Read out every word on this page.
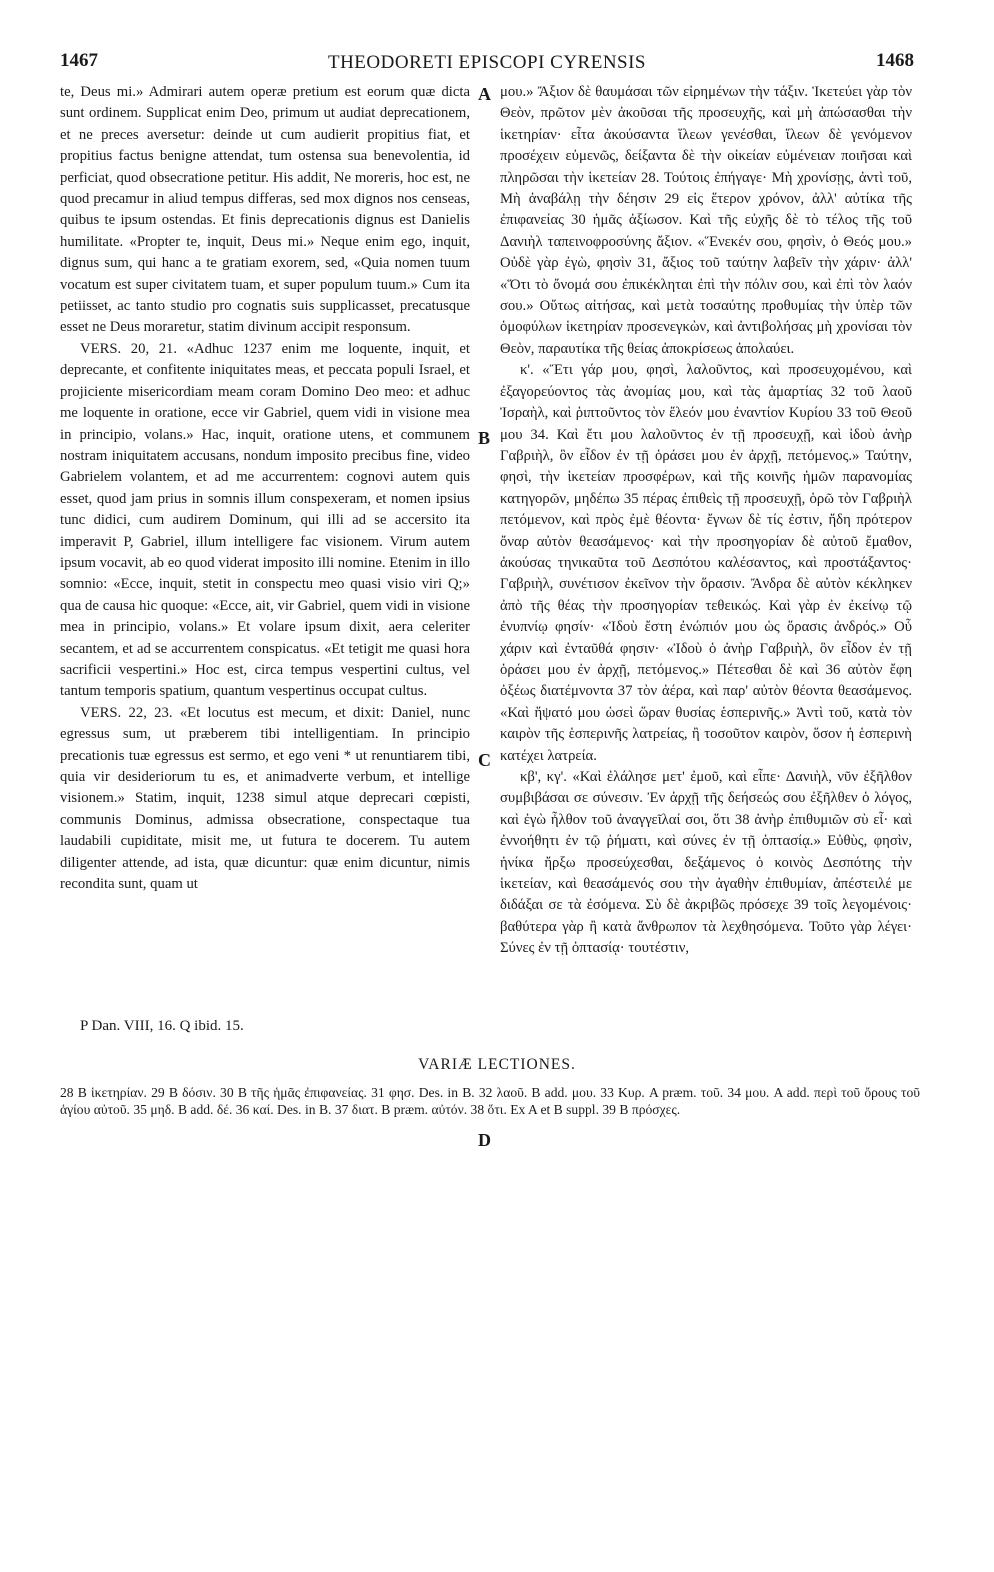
1467	THEODORETI EPISCOPI CYRENSIS	1468

te, Deus mi.» Admirari autem operæ pretium est eorum quæ dicta sunt ordinem. Supplicat enim Deo, primum ut audiat deprecationem, et ne preces aversetur: deinde ut cum audierit propitius fiat, et propitius factus benigne attendat, tum ostensa sua benevolentia, id perficiat, quod obsecratione petitur. His addit, Ne moreris, hoc est, ne quod precamur in aliud tempus differas, sed mox dignos nos censeas, quibus te ipsum ostendas. Et finis deprecationis dignus est Danielis humilitate. «Propter te, inquit, Deus mi.» Neque enim ego, inquit, dignus sum, qui hanc a te gratiam exorem, sed, «Quia nomen tuum vocatum est super civitatem tuam, et super populum tuum.» Cum ita petiisset, ac tanto studio pro cognatis suis supplicasset, precatusque esset ne Deus moraretur, statim divinum accipit responsum.

VERS. 20, 21. «Adhuc 1237 enim me loquente, inquit, et deprecante, et confitente iniquitates meas, et peccata populi Israel, et projiciente misericordiam meam coram Domino Deo meo: et adhuc me loquente in oratione, ecce vir Gabriel, quem vidi in visione mea in principio, volans.» Hac, inquit, oratione utens, et communem nostram iniquitatem accusans, nondum imposito precibus fine, video Gabrielem volantem, et ad me accurrentem: cognovi autem quis esset, quod jam prius in somnis illum conspexeram, et nomen ipsius tunc didici, cum audirem Dominum, qui illi ad se accersito ita imperavit P, Gabriel, illum intelligere fac visionem. Virum autem ipsum vocavit, ab eo quod viderat imposito illi nomine. Etenim in illo somnio: «Ecce, inquit, stetit in conspectu meo quasi visio viri Q;» qua de causa hic quoque: «Ecce, ait, vir Gabriel, quem vidi in visione mea in principio, volans.» Et volare ipsum dixit, aera celeriter secantem, et ad se accurrentem conspicatus. «Et tetigit me quasi hora sacrificii vespertini.» Hoc est, circa tempus vespertini cultus, vel tantum temporis spatium, quantum vespertinus occupat cultus.

VERS. 22, 23. «Et locutus est mecum, et dixit: Daniel, nunc egressus sum, ut præberem tibi intelligentiam. In principio precationis tuæ egressus est sermo, et ego veni * ut renuntiarem tibi, quia vir desideriorum tu es, et animadverte verbum, et intellige visionem.» Statim, inquit, 1238 simul atque deprecari cœpisti, communis Dominus, admissa obsecratione, conspectaque tua laudabili cupiditate, misit me, ut futura te docerem. Tu autem diligenter attende, ad ista, quæ dicuntur: quæ enim dicuntur, nimis recondita sunt, quam ut

μου.» Ἄξιον δὲ θαυμάσαι τῶν εἰρημένων τὴν τάξιν. Ἱκετεύει γὰρ τὸν Θεὸν, πρῶτον μὲν ἀκοῦσαι τῆς προσευχῆς, καὶ μὴ ἀπώσασθαι τὴν ἱκετηρίαν· εἶτα ἀκούσαντα ἵλεων γενέσθαι, ἵλεων δὲ γενόμενον προσέχειν εὐμενῶς, δείξαντα δὲ τὴν οἰκείαν εὐμένειαν ποιῆσαι καὶ πληρῶσαι τὴν ἱκετείαν 28. Τούτοις ἐπήγαγε· Μὴ χρονίσῃς, ἀντὶ τοῦ, Μὴ ἀναβάλῃ τὴν δέησιν 29 εἰς ἕτερον χρόνον, ἀλλ' αὐτίκα τῆς ἐπιφανείας 30 ἡμᾶς ἀξίωσον. Καὶ τῆς εὐχῆς δὲ τὸ τέλος τῆς τοῦ Δανιὴλ ταπεινοφροσύνης ἄξιον. «Ἕνεκέν σου, φησὶν, ὁ Θεός μου.» Οὐδὲ γὰρ ἐγὼ, φησὶν 31, ἄξιος τοῦ ταύτην λαβεῖν τὴν χάριν· ἀλλ' «Ὅτι τὸ ὄνομά σου ἐπικέκληται ἐπὶ τὴν πόλιν σου, καὶ ἐπὶ τὸν λαόν σου.» Οὕτως αἰτήσας, καὶ μετὰ τοσαύτης προθυμίας τὴν ὑπὲρ τῶν ὁμοφύλων ἱκετηρίαν προσενεγκὼν, καὶ ἀντιβολήσας μὴ χρονίσαι τὸν Θεὸν, παραυτίκα τῆς θείας ἀποκρίσεως ἀπολαύει.

κ'. «Ἔτι γάρ μου, φησὶ, λαλοῦντος, καὶ προσευχομένου, καὶ ἐξαγορεύοντος τὰς ἀνομίας μου, καὶ τὰς ἁμαρτίας 32 τοῦ λαοῦ Ἰσραὴλ, καὶ ῥιπτοῦντος τὸν ἔλεόν μου ἐναντίον Κυρίου 33 τοῦ Θεοῦ μου 34. Καὶ ἔτι μου λαλοῦντος ἐν τῇ προσευχῇ, καὶ ἰδοὺ ἀνὴρ Γαβριὴλ, ὃν εἶδον ἐν τῇ ὁράσει μου ἐν ἀρχῇ, πετόμενος.» Ταύτην, φησὶ, τὴν ἱκετείαν προσφέρων, καὶ τῆς κοινῆς ἡμῶν παρανομίας κατηγορῶν, μηδέπω 35 πέρας ἐπιθεὶς τῇ προσευχῇ, ὁρῶ τὸν Γαβριὴλ πετόμενον, καὶ πρὸς ἐμὲ θέοντα· ἔγνων δὲ τίς ἐστιν, ἤδη πρότερον ὄναρ αὐτὸν θεασάμενος· καὶ τὴν προσηγορίαν δὲ αὐτοῦ ἔμαθον, ἀκούσας τηνικαῦτα τοῦ Δεσπότου καλέσαντος, καὶ προστάξαντος· Γαβριὴλ, συνέτισον ἐκεῖνον τὴν ὅρασιν. Ἄνδρα δὲ αὐτὸν κέκληκεν ἀπὸ τῆς θέας τὴν προσηγορίαν τεθεικώς. Καὶ γὰρ ἐν ἐκείνῳ τῷ ἐνυπνίῳ φησίν· «Ἰδοὺ ἔστη ἐνώπιόν μου ὡς ὅρασις ἀνδρός.» Οὗ χάριν καὶ ἐνταῦθά φησιν· «Ἰδοὺ ὁ ἀνὴρ Γαβριὴλ, ὃν εἶδον ἐν τῇ ὁράσει μου ἐν ἀρχῇ, πετόμενος.» Πέτεσθαι δὲ καὶ 36 αὐτὸν ἔφη ὀξέως διατέμνοντα 37 τὸν ἀέρα, καὶ παρ' αὐτὸν θέοντα θεασάμενος. «Καὶ ἥψατό μου ὡσεὶ ὥραν θυσίας ἑσπερινῆς.» Ἀντὶ τοῦ, κατὰ τὸν καιρὸν τῆς ἑσπερινῆς λατρείας, ἢ τοσοῦτον καιρὸν, ὅσον ἡ ἑσπερινὴ κατέχει λατρεία.

κβ', κγ'. «Καὶ ἐλάλησε μετ' ἐμοῦ, καὶ εἶπε· Δανιὴλ, νῦν ἐξῆλθον συμβιβάσαι σε σύνεσιν. Ἐν ἀρχῇ τῆς δεήσεώς σου ἐξῆλθεν ὁ λόγος, καὶ ἐγὼ ἦλθον τοῦ ἀναγγεῖλαί σοι, ὅτι 38 ἀνὴρ ἐπιθυμιῶν σὺ εἶ· καὶ ἐννοήθητι ἐν τῷ ῥήματι, καὶ σύνες ἐν τῇ ὀπτασίᾳ.» Εὐθὺς, φησὶν, ἡνίκα ἤρξω προσεύχεσθαι, δεξάμενος ὁ κοινὸς Δεσπότης τὴν ἱκετείαν, καὶ θεασάμενός σου τὴν ἀγαθὴν ἐπιθυμίαν, ἀπέστειλέ με διδάξαι σε τὰ ἐσόμενα. Σὺ δὲ ἀκριβῶς πρόσεχε 39 τοῖς λεγομένοις· βαθύτερα γὰρ ἢ κατὰ ἄνθρωπον τὰ λεχθησόμενα. Τοῦτο γὰρ λέγει· Σύνες ἐν τῇ ὀπτασίᾳ· τουτέστιν,

A
B
C
D
P Dan. VIII, 16. Q ibid. 15.
VARIÆ LECTIONES.
28 B ἱκετηρίαν. 29 B δόσιν. 30 B τῆς ἡμᾶς ἐπιφανείας. 31 φησ. Des. in B. 32 λαοῦ. B add. μου. 33 Κυρ. A præm. τοῦ. 34 μου. A add. περὶ τοῦ ὄρους τοῦ ἁγίου αὐτοῦ. 35 μηδ. B add. δέ. 36 καί. Des. in B. 37 διατ. B præm. αὐτόν. 38 ὅτι. Ex A et B suppl. 39 B πρόσχες.
